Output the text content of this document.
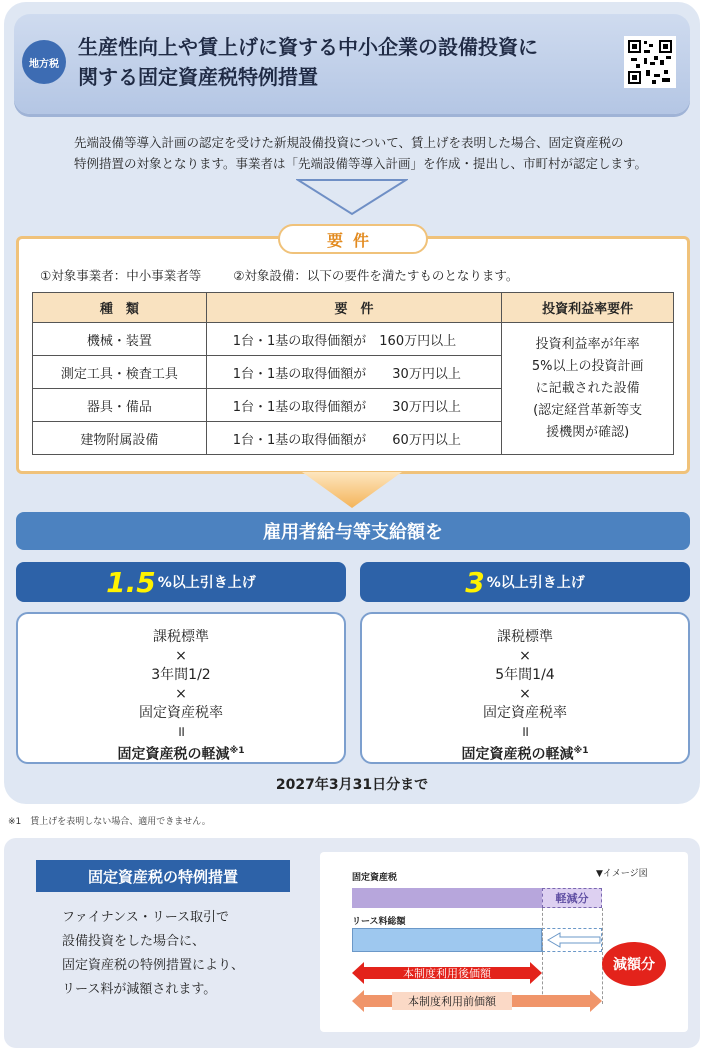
地方税
生産性向上や賃上げに資する中小企業の設備投資に
関する固定資産税特例措置
先端設備等導入計画の認定を受けた新規設備投資について、賃上げを表明した場合、固定資産税の
特例措置の対象となります。事業者は「先端設備等導入計画」を作成・提出し、市町村が認定します。
要件
①対象事業者：中小事業者等	②対象設備：以下の要件を満たすものとなります。
種　類	要　件	投資利益率要件
機械・装置	1台・1基の取得価額が　 160万円以上	投資利益率が年率
5%以上の投資計画
に記載された設備
(認定経営革新等支
援機関が確認)

測定工具・検査工具	1台・1基の取得価額が　　 30万円以上	
器具・備品	1台・1基の取得価額が　　 30万円以上	
建物附属設備	1台・1基の取得価額が　　 60万円以上	
雇用者給与等支給額を
1.5 %以上引き上げ	3 %以上引き上げ
課税標準
×
3年間1/2
×
固定資産税率
॥
固定資産税の軽減$^{※1}$
課税標準
×
5年間1/4
×
固定資産税率
॥
固定資産税の軽減$^{※1}$
2027年3月31日分まで
※1　賃上げを表明しない場合、適用できません。
固定資産税の特例措置
ファイナンス・リース取引で
設備投資をした場合に、
固定資産税の特例措置により、
リース料が減額されます。
固定資産税	▼イメージ図
軽減分
リース料総額
減額分
本制度利用後価額
本制度利用前価額
